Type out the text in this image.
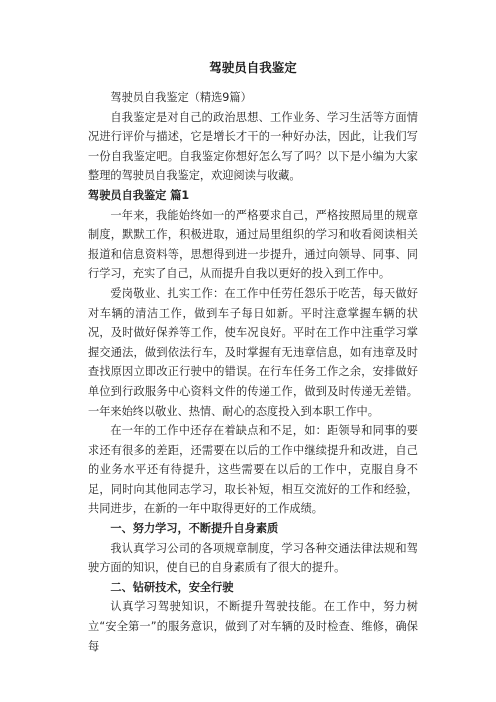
驾驶员自我鉴定

驾驶员自我鉴定（精选9篇）

自我鉴定是对自己的政治思想、工作业务、学习生活等方面情况进行评价与描述，它是增长才干的一种好办法，因此，让我们写一份自我鉴定吧。自我鉴定你想好怎么写了吗？以下是小编为大家整理的驾驶员自我鉴定，欢迎阅读与收藏。

驾驶员自我鉴定 篇1

一年来，我能始终如一的严格要求自己，严格按照局里的规章制度，默默工作，积极进取，通过局里组织的学习和收看阅读相关报道和信息资料等，思想得到进一步提升，通过向领导、同事、同行学习，充实了自己，从而提升自我以更好的投入到工作中。

爱岗敬业、扎实工作：在工作中任劳任怨乐于吃苦，每天做好对车辆的清洁工作，做到车子每日如新。平时注意掌握车辆的状况，及时做好保养等工作，使车况良好。平时在工作中注重学习掌握交通法，做到依法行车，及时掌握有无违章信息，如有违章及时查找原因立即改正行驶中的错误。在行车任务工作之余，安排做好单位到行政服务中心资料文件的传递工作，做到及时传递无差错。一年来始终以敬业、热情、耐心的态度投入到本职工作中。

在一年的工作中还存在着缺点和不足，如：距领导和同事的要求还有很多的差距，还需要在以后的工作中继续提升和改进，自己的业务水平还有待提升，这些需要在以后的工作中，克服自身不足，同时向其他同志学习，取长补短，相互交流好的工作和经验，共同进步，在新的一年中取得更好的工作成绩。

一、努力学习，不断提升自身素质

我认真学习公司的各项规章制度，学习各种交通法律法规和驾驶方面的知识，使自已的自身素质有了很大的提升。

二、钻研技术，安全行驶

认真学习驾驶知识，不断提升驾驶技能。在工作中，努力树立“安全第一”的服务意识，做到了对车辆的及时检查、维修，确保每
